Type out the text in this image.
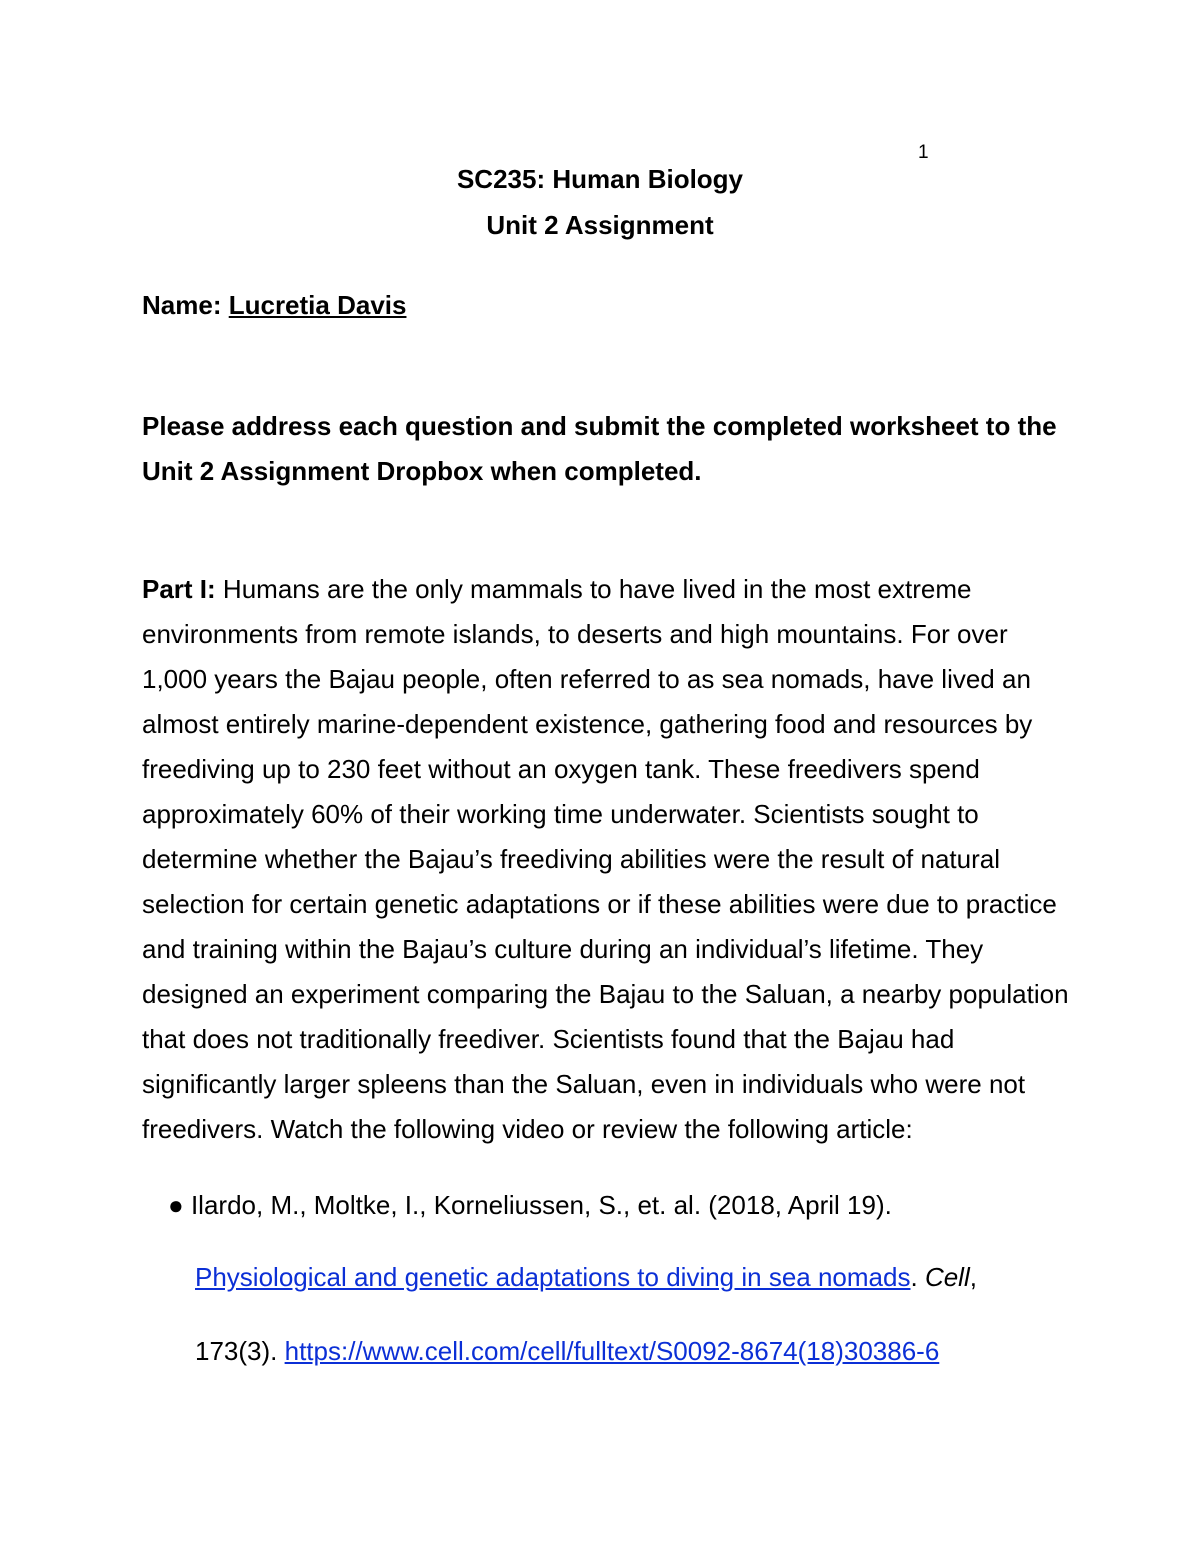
1
SC235: Human Biology
Unit 2 Assignment
Name: Lucretia Davis
Please address each question and submit the completed worksheet to the Unit 2 Assignment Dropbox when completed.
Part I: Humans are the only mammals to have lived in the most extreme environments from remote islands, to deserts and high mountains. For over 1,000 years the Bajau people, often referred to as sea nomads, have lived an almost entirely marine-dependent existence, gathering food and resources by freediving up to 230 feet without an oxygen tank. These freedivers spend approximately 60% of their working time underwater. Scientists sought to determine whether the Bajau’s freediving abilities were the result of natural selection for certain genetic adaptations or if these abilities were due to practice and training within the Bajau’s culture during an individual’s lifetime. They designed an experiment comparing the Bajau to the Saluan, a nearby population that does not traditionally freediver. Scientists found that the Bajau had significantly larger spleens than the Saluan, even in individuals who were not freedivers. Watch the following video or review the following article:
● Ilardo, M., Moltke, I., Korneliussen, S., et. al. (2018, April 19).
Physiological and genetic adaptations to diving in sea nomads. Cell,
173(3). https://www.cell.com/cell/fulltext/S0092-8674(18)30386-6
